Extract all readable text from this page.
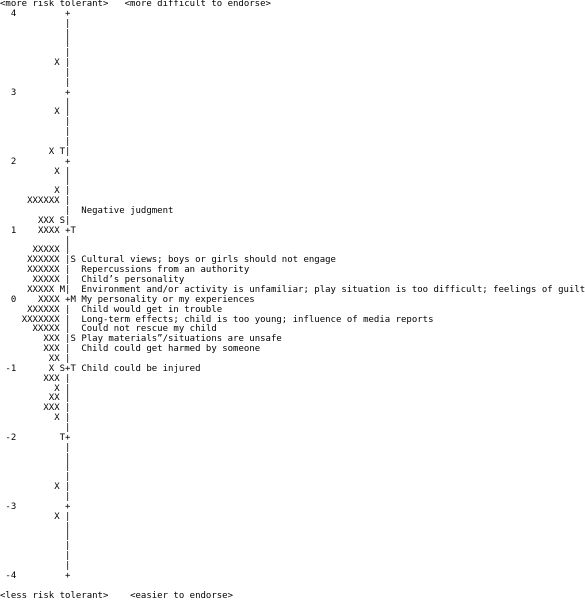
<more risk tolerant> <more difficult to endorse>
4	+
|
|
|
|
X |
|
|
3	+
|
X |
|
|
|
X T|
2	+
X |
|
X |
XXXXXX |
| Negative judgment
XXX S|
1 XXXX +T
|
XXXXX |
XXXXXX |S Cultural views; boys or girls should not engage
XXXXXX | Repercussions from an authority
XXXXX | Child’s personality
XXXXX M| Environment and/or activity is unfamiliar; play situation is too difficult; feelings of guilt
0 XXXX +M My personality or my experiences
XXXXXX | Child would get in trouble
XXXXXXX | Long-term effects; child is too young; influence of media reports
XXXXX | Could not rescue my child
XXX |S Play materials”/situations are unsafe
XXX | Child could get harmed by someone
XX |
-1	X S+T Child could be injured
XXX |
X |
XX |
XXX |
X |
|
-2	T+
|
|
|
|
X |
|
-3	+
X |
|
|
|
|
|
-4	+

<less risk tolerant> <easier to endorse>
